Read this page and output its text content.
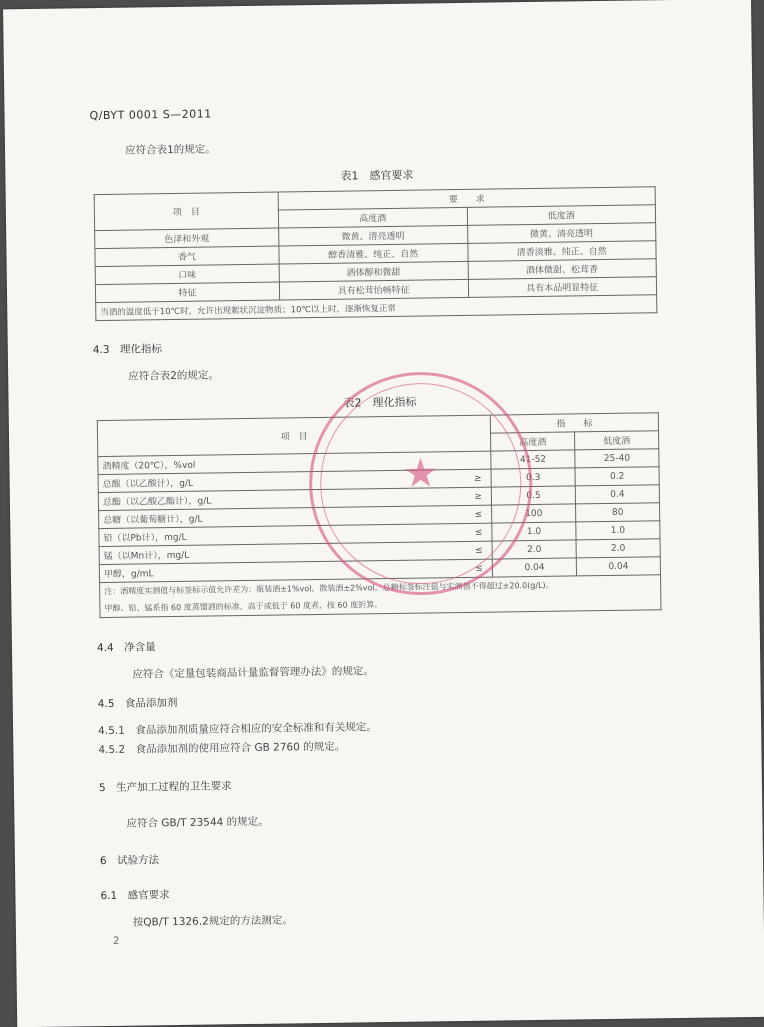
Q/BYT 0001 S—2011
应符合表1的规定。
表1　感官要求
项　目	要　　求	
	高度酒	低度酒
色泽和外观	微黄、清亮透明	微黄、清亮透明
香气	醇香清雅、纯正、自然	清香淡雅、纯正、自然
口味	酒体醇和微甜	酒体微甜、松茸香
特征	具有松茸怡畅特征	具有本品明显特征
当酒的温度低于10℃时，允许出现絮状沉淀物质；10℃以上时，逐渐恢复正常		
4.3　理化指标
应符合表2的规定。
表2　理化指标
项　目		指　　标	
		高度酒	低度酒
酒精度（20℃），%vol		41-52	25-40
总酸（以乙酸计），g/L	≥	0.3	0.2
总酯（以乙酸乙酯计），g/L	≥	0.5	0.4
总糖（以葡萄糖计），g/L	≤	100	80
铅（以Pb计），mg/L	≤	1.0	1.0
锰（以Mn计），mg/L	≤	2.0	2.0
甲醇，g/mL	≤	0.04	0.04
注：酒精度实测值与标签标示值允许差为：瓶装酒±1%vol，散装酒±2%vol。总糖标签标注值与实测值不得超过±20.0(g/L)。			
甲醇、铅、锰系指 60 度蒸馏酒的标准，高于或低于 60 度者，按 60 度折算。			
★
4.4　净含量
应符合《定量包装商品计量监督管理办法》的规定。
4.5　食品添加剂
4.5.1　食品添加剂质量应符合相应的安全标准和有关规定。
4.5.2　食品添加剂的使用应符合 GB 2760 的规定。
5　生产加工过程的卫生要求
应符合 GB/T 23544 的规定。
6　试验方法
6.1　感官要求
按QB/T 1326.2规定的方法测定。
2
